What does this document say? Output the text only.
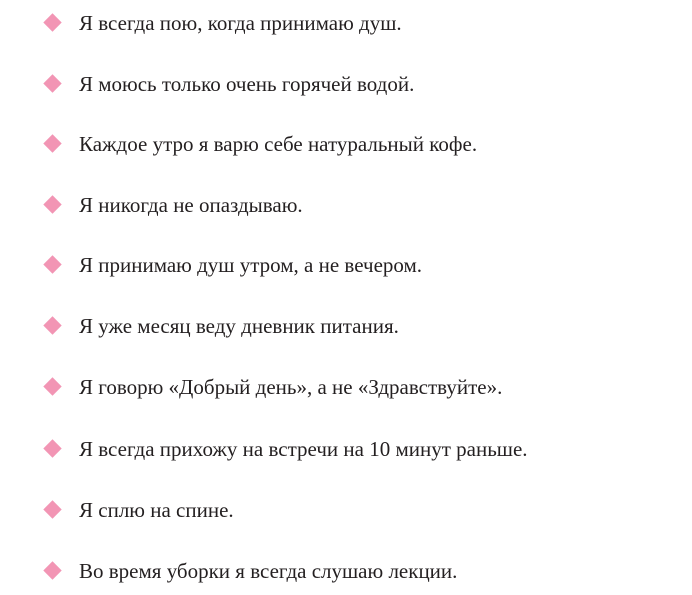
Я всегда пою, когда принимаю душ.
Я моюсь только очень горячей водой.
Каждое утро я варю себе натуральный кофе.
Я никогда не опаздываю.
Я принимаю душ утром, а не вечером.
Я уже месяц веду дневник питания.
Я говорю «Добрый день», а не «Здравствуйте».
Я всегда прихожу на встречи на 10 минут раньше.
Я сплю на спине.
Во время уборки я всегда слушаю лекции.
